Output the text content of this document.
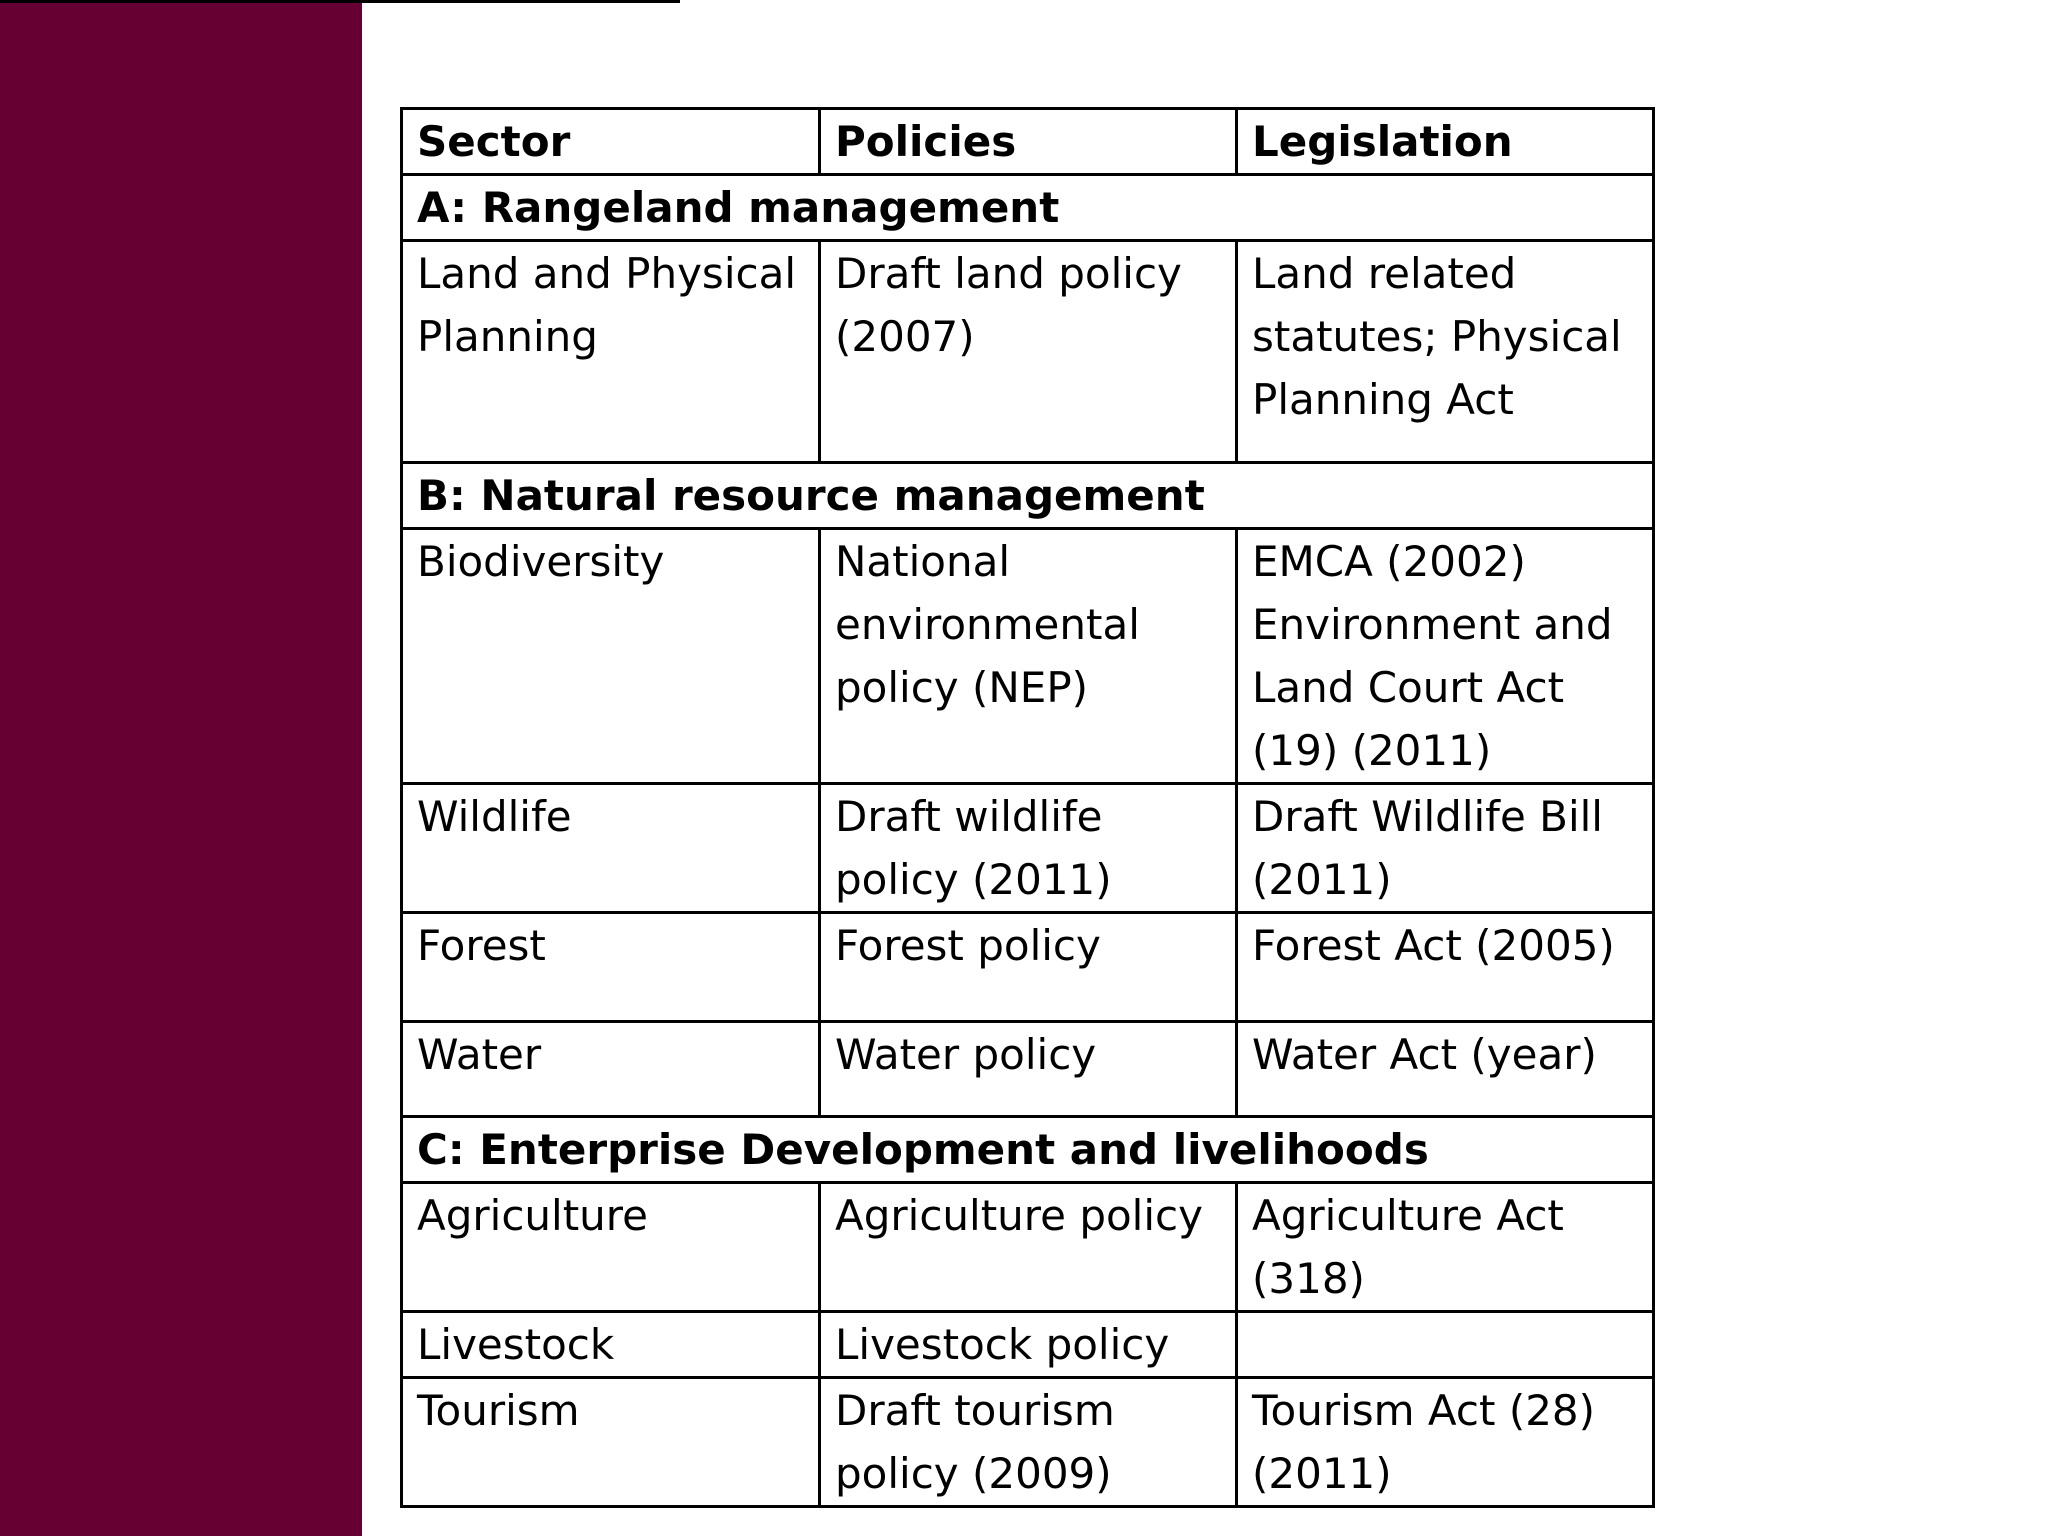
Sector	Policies	Legislation
A: Rangeland management		
Land and Physical Planning	Draft land policy (2007)	Land related statutes; Physical Planning Act
B: Natural resource management		
Biodiversity	National environmental policy (NEP)	EMCA (2002) Environment and Land Court Act (19) (2011)
Wildlife	Draft wildlife policy (2011)	Draft Wildlife Bill (2011)
Forest	Forest policy	Forest Act (2005)
Water	Water policy	Water Act (year)
C: Enterprise Development and livelihoods		
Agriculture	Agriculture policy	Agriculture Act (318)
Livestock	Livestock policy	
Tourism	Draft tourism policy (2009)	Tourism Act (28) (2011)
